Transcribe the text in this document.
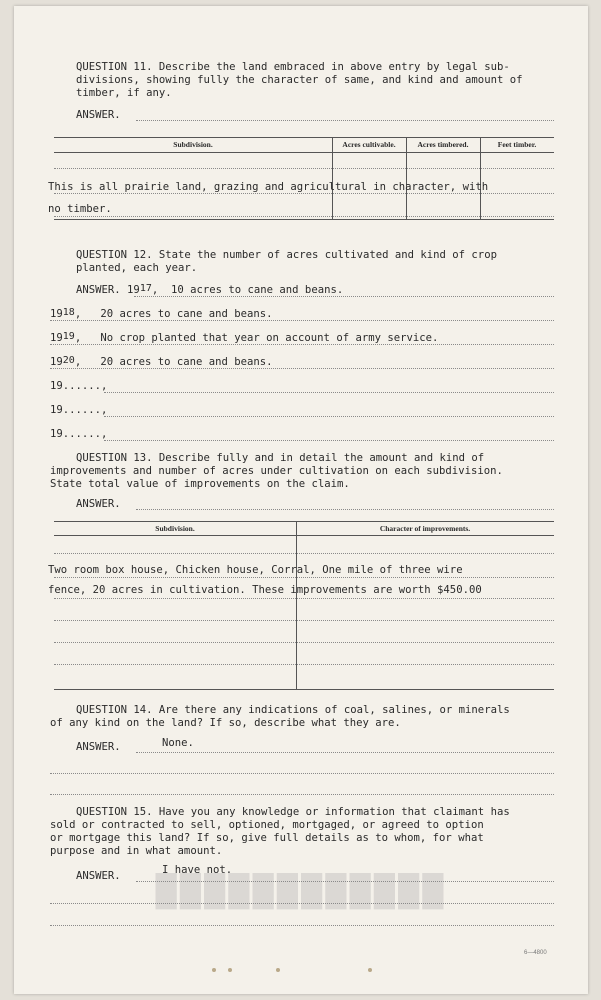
████████████
QUESTION 11. Describe the land embraced in above entry by legal sub-
divisions, showing fully the character of same, and kind and amount of
timber, if any.
ANSWER.
Subdivision.	Acres cultivable.	Acres timbered.	Feet timber.
This is all prairie land, grazing and agricultural in character, with
no timber.
QUESTION 12. State the number of acres cultivated and kind of crop
planted, each year.
ANSWER. 1917,  10 acres to cane and beans.
1918,   20 acres to cane and beans.
1919,   No crop planted that year on account of army service.
1920,   20 acres to cane and beans.
19......,
19......,
19......,
QUESTION 13. Describe fully and in detail the amount and kind of
improvements and number of acres under cultivation on each subdivision.
State total value of improvements on the claim.
ANSWER.
Subdivision.	Character of improvements.
Two room box house, Chicken house, Corral, One mile of three wire
fence, 20 acres in cultivation. These improvements are worth $450.00
QUESTION 14. Are there any indications of coal, salines, or minerals
of any kind on the land? If so, describe what they are.
ANSWER.	None.
QUESTION 15. Have you any knowledge or information that claimant has
sold or contracted to sell, optioned, mortgaged, or agreed to option
or mortgage this land? If so, give full details as to whom, for what
purpose and in what amount.
ANSWER.	I have not.
6—4800
